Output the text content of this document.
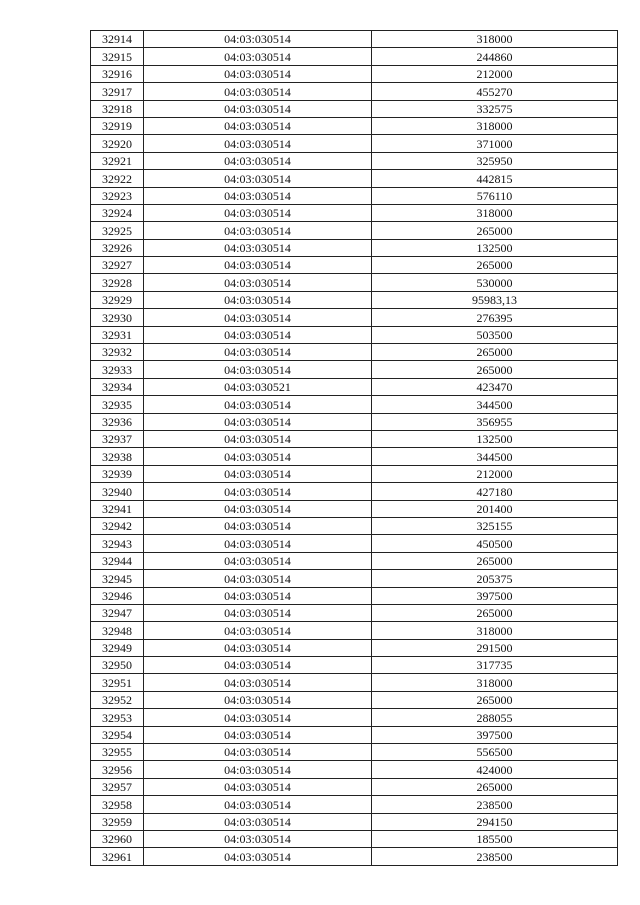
32914	04:03:030514	318000
32915	04:03:030514	244860
32916	04:03:030514	212000
32917	04:03:030514	455270
32918	04:03:030514	332575
32919	04:03:030514	318000
32920	04:03:030514	371000
32921	04:03:030514	325950
32922	04:03:030514	442815
32923	04:03:030514	576110
32924	04:03:030514	318000
32925	04:03:030514	265000
32926	04:03:030514	132500
32927	04:03:030514	265000
32928	04:03:030514	530000
32929	04:03:030514	95983,13
32930	04:03:030514	276395
32931	04:03:030514	503500
32932	04:03:030514	265000
32933	04:03:030514	265000
32934	04:03:030521	423470
32935	04:03:030514	344500
32936	04:03:030514	356955
32937	04:03:030514	132500
32938	04:03:030514	344500
32939	04:03:030514	212000
32940	04:03:030514	427180
32941	04:03:030514	201400
32942	04:03:030514	325155
32943	04:03:030514	450500
32944	04:03:030514	265000
32945	04:03:030514	205375
32946	04:03:030514	397500
32947	04:03:030514	265000
32948	04:03:030514	318000
32949	04:03:030514	291500
32950	04:03:030514	317735
32951	04:03:030514	318000
32952	04:03:030514	265000
32953	04:03:030514	288055
32954	04:03:030514	397500
32955	04:03:030514	556500
32956	04:03:030514	424000
32957	04:03:030514	265000
32958	04:03:030514	238500
32959	04:03:030514	294150
32960	04:03:030514	185500
32961	04:03:030514	238500
